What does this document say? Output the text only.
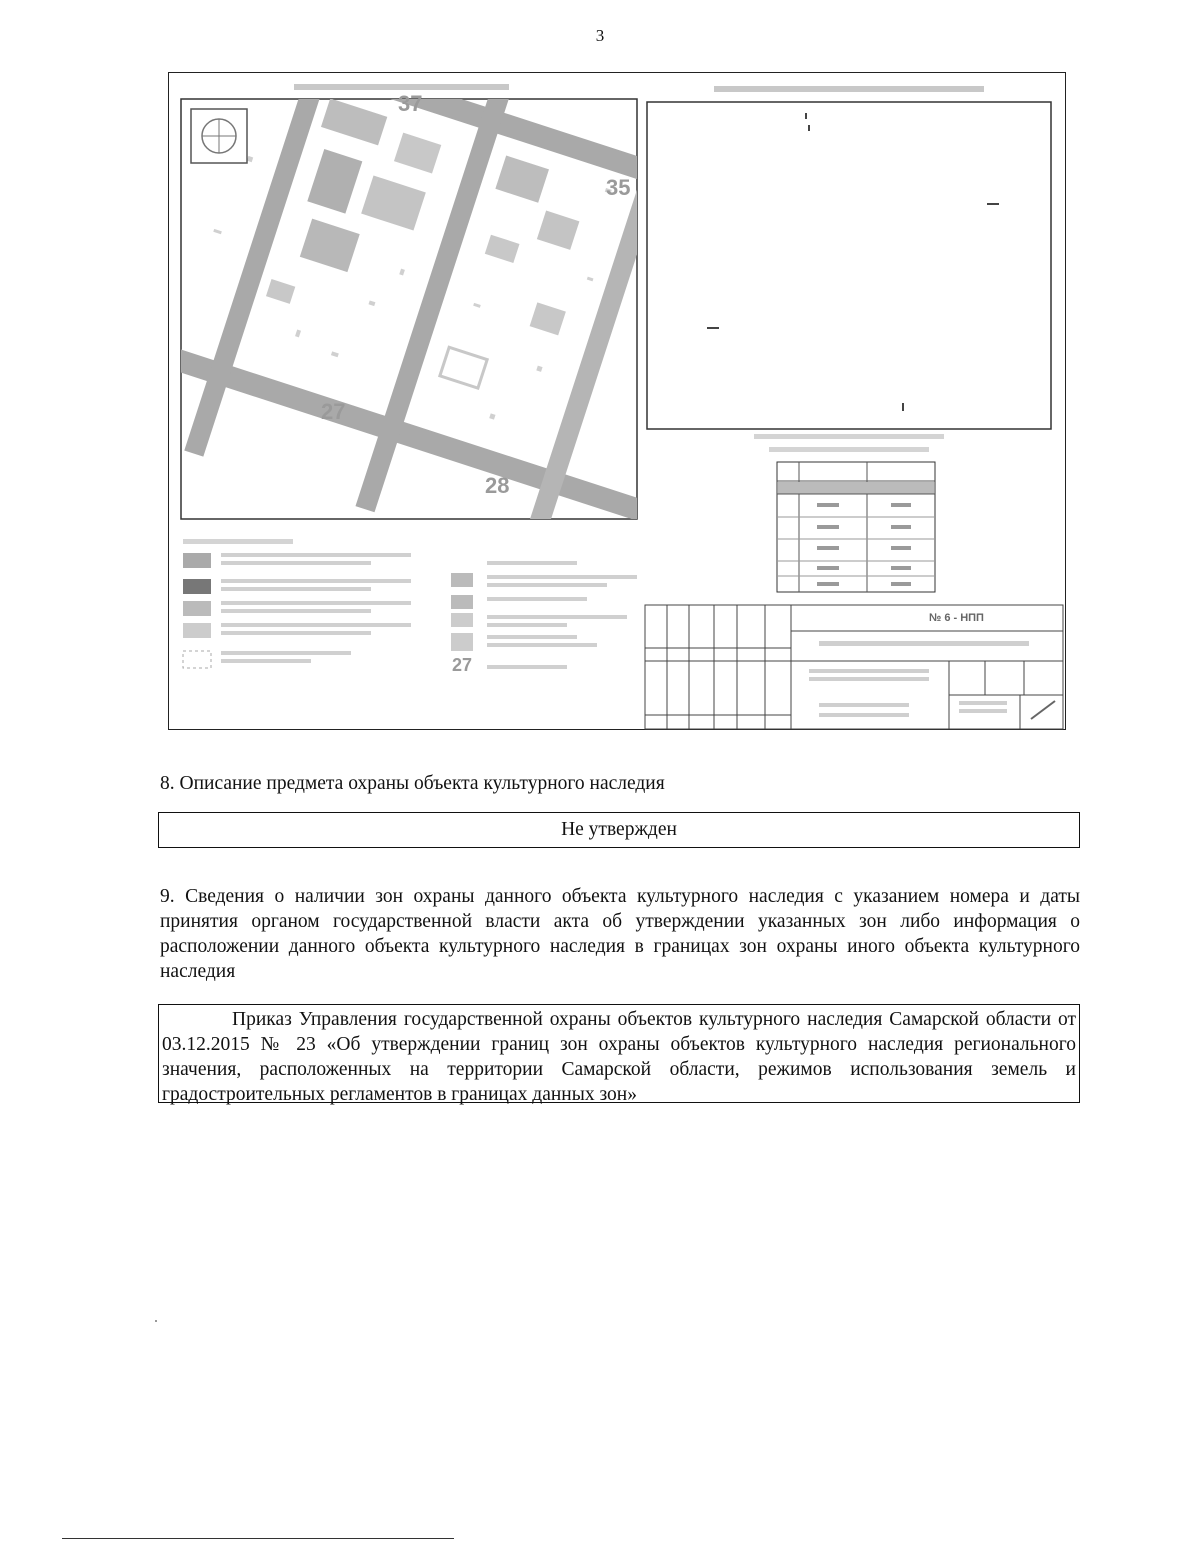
3
37
35
27
28
27
№ 6 - НПП
8. Описание предмета охраны объекта культурного наследия
Не утвержден
9. Сведения о наличии зон охраны данного объекта культурного наследия с указанием номера и даты принятия органом государственной власти акта об утверждении указанных зон либо информация о расположении данного объекта культурного наследия в границах зон охраны иного объекта культурного наследия
Приказ Управления государственной охраны объектов культурного наследия Самарской области от 03.12.2015 № 23 «Об утверждении границ зон охраны объектов культурного наследия регионального значения, расположенных на территории Самарской области, режимов использования земель и градостроительных регламентов в границах данных зон»
